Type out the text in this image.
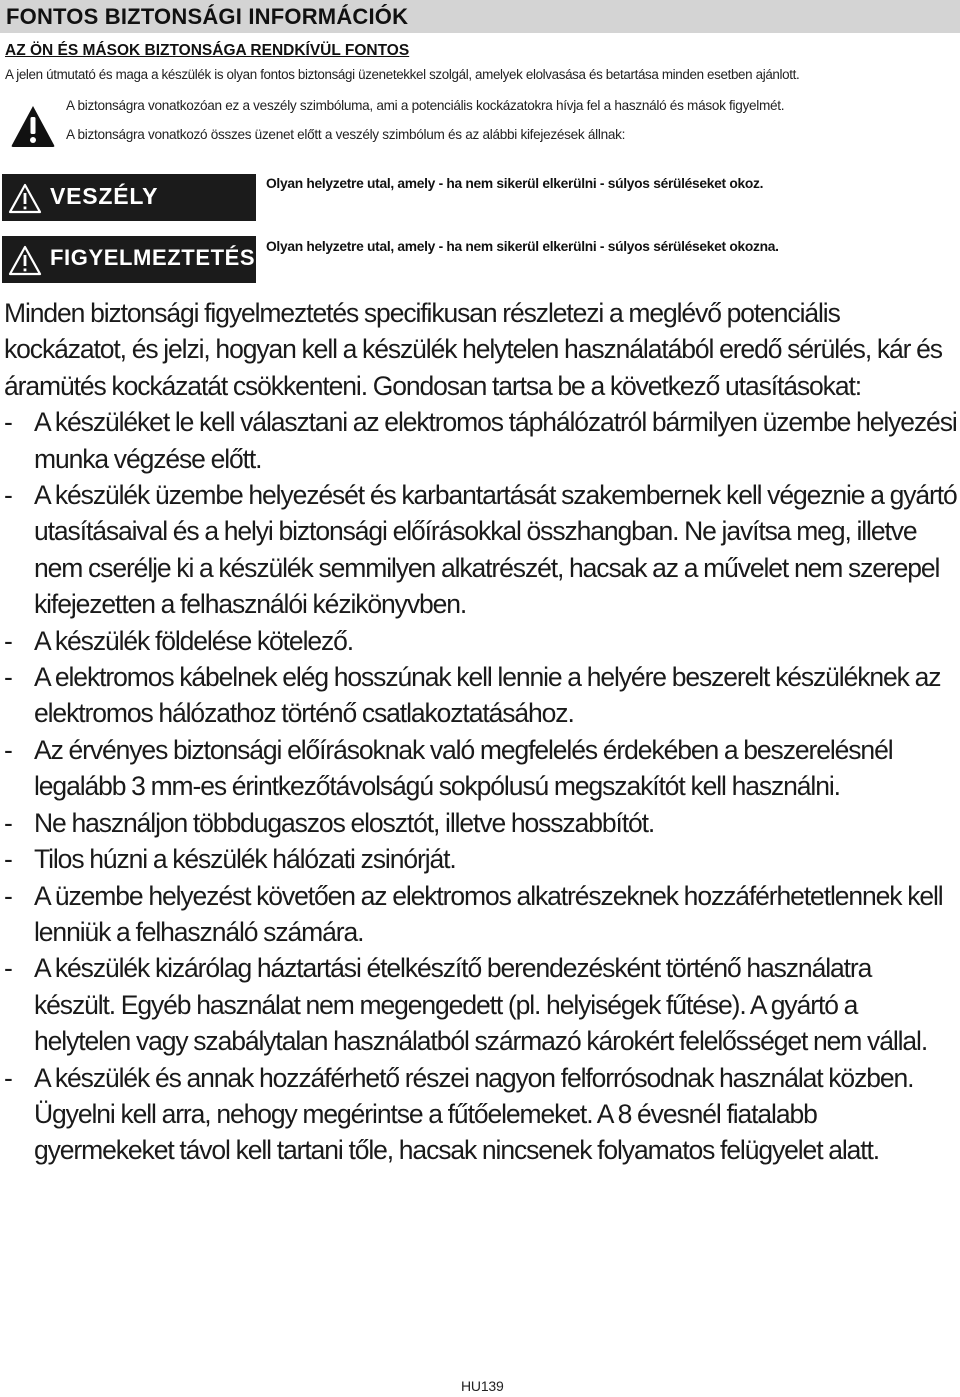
FONTOS BIZTONSÁGI INFORMÁCIÓK
AZ ÖN ÉS MÁSOK BIZTONSÁGA RENDKÍVÜL FONTOS
A jelen útmutató és maga a készülék is olyan fontos biztonsági üzenetekkel szolgál, amelyek elolvasása és betartása minden esetben ajánlott.
A biztonságra vonatkozóan ez a veszély szimbóluma, ami a potenciális kockázatokra hívja fel a használó és mások figyelmét.
A biztonságra vonatkozó összes üzenet előtt a veszély szimbólum és az alábbi kifejezések állnak:
VESZÉLY	Olyan helyzetre utal, amely - ha nem sikerül elkerülni - súlyos sérüléseket okoz.
FIGYELMEZTETÉS Olyan helyzetre utal, amely - ha nem sikerül elkerülni - súlyos sérüléseket okozna.

Minden biztonsági figyelmeztetés specifikusan részletezi a meglévő potenciális kockázatot, és jelzi, hogyan kell a készülék helytelen használatából eredő sérülés, kár és áramütés kockázatát csökkenteni. Gondosan tartsa be a következő utasításokat:

- A készüléket le kell választani az elektromos táphálózatról bármilyen üzembe helyezési munka végzése előtt.
- A készülék üzembe helyezését és karbantartását szakembernek kell végeznie a gyártó utasításaival és a helyi biztonsági előírásokkal összhangban. Ne javítsa meg, illetve nem cserélje ki a készülék semmilyen alkatrészét, hacsak az a művelet nem szerepel kifejezetten a felhasználói kézikönyvben.
- A készülék földelése kötelező.
- A elektromos kábelnek elég hosszúnak kell lennie a helyére beszerelt készüléknek az elektromos hálózathoz történő csatlakoztatásához.
- Az érvényes biztonsági előírásoknak való megfelelés érdekében a beszerelésnél legalább 3 mm-es érintkezőtávolságú sokpólusú megszakítót kell használni.
- Ne használjon többdugaszos elosztót, illetve hosszabbítót.
- Tilos húzni a készülék hálózati zsinórját.
- A üzembe helyezést követően az elektromos alkatrészeknek hozzáférhetetlennek kell lenniük a felhasználó számára.
- A készülék kizárólag háztartási ételkészítő berendezésként történő használatra készült. Egyéb használat nem megengedett (pl. helyiségek fűtése). A gyártó a helytelen vagy szabálytalan használatból származó károkért felelősséget nem vállal.
- A készülék és annak hozzáférhető részei nagyon felforrósodnak használat közben. Ügyelni kell arra, nehogy megérintse a fűtőelemeket. A 8 évesnél fiatalabb gyermekeket távol kell tartani tőle, hacsak nincsenek folyamatos felügyelet alatt.
HU139
